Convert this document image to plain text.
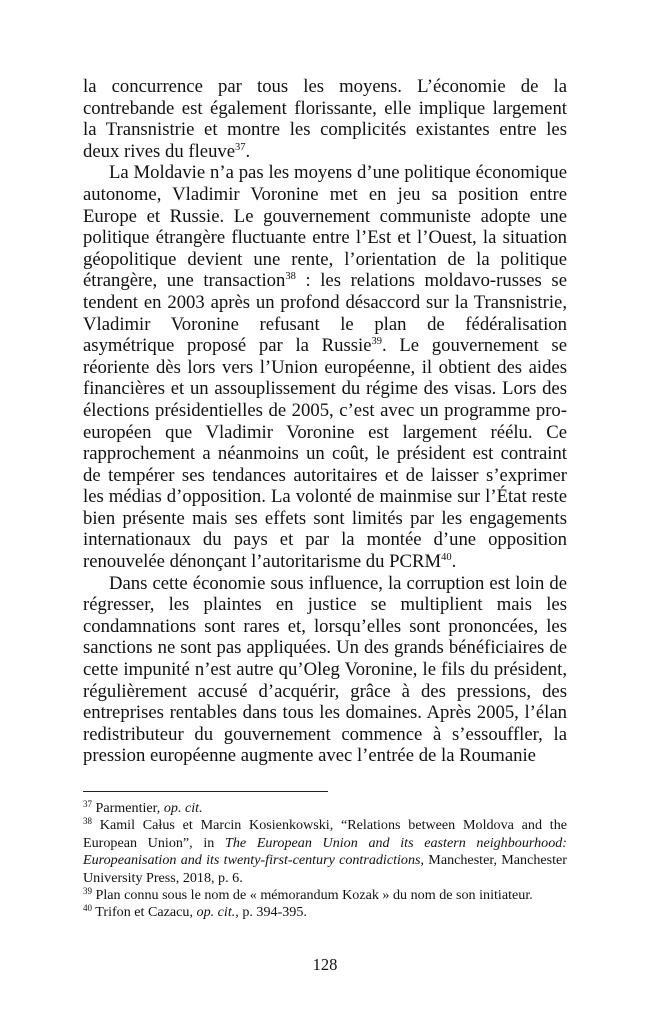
la concurrence par tous les moyens. L’économie de la contrebande est également florissante, elle implique largement la Transnistrie et montre les complicités existantes entre les deux rives du fleuve$^{37}$.

La Moldavie n’a pas les moyens d’une politique économique autonome, Vladimir Voronine met en jeu sa position entre Europe et Russie. Le gouvernement communiste adopte une politique étrangère fluctuante entre l’Est et l’Ouest, la situation géopolitique devient une rente, l’orientation de la politique étrangère, une transaction$^{38}$ : les relations moldavo-russes se tendent en 2003 après un profond désaccord sur la Transnistrie, Vladimir Voronine refusant le plan de fédéralisation asymétrique proposé par la Russie$^{39}$. Le gouvernement se réoriente dès lors vers l’Union européenne, il obtient des aides financières et un assouplissement du régime des visas. Lors des élections présidentielles de 2005, c’est avec un programme pro-européen que Vladimir Voronine est largement réélu. Ce rapprochement a néanmoins un coût, le président est contraint de tempérer ses tendances autoritaires et de laisser s’exprimer les médias d’opposition. La volonté de mainmise sur l’État reste bien présente mais ses effets sont limités par les engagements internationaux du pays et par la montée d’une opposition renouvelée dénonçant l’autoritarisme du PCRM$^{40}$.

Dans cette économie sous influence, la corruption est loin de régresser, les plaintes en justice se multiplient mais les condamnations sont rares et, lorsqu’elles sont prononcées, les sanctions ne sont pas appliquées. Un des grands bénéficiaires de cette impunité n’est autre qu’Oleg Voronine, le fils du président, régulièrement accusé d’acquérir, grâce à des pressions, des entreprises rentables dans tous les domaines. Après 2005, l’élan redistributeur du gouvernement commence à s’essouffler, la pression européenne augmente avec l’entrée de la Roumanie

$^{37}$ Parmentier, op. cit.

$^{38}$ Kamil Całus et Marcin Kosienkowski, “Relations between Moldova and the European Union”, in The European Union and its eastern neighbourhood: Europeanisation and its twenty-first-century contradictions, Manchester, Manchester University Press, 2018, p. 6.

$^{39}$ Plan connu sous le nom de « mémorandum Kozak » du nom de son initiateur.

$^{40}$ Trifon et Cazacu, op. cit., p. 394-395.

128
